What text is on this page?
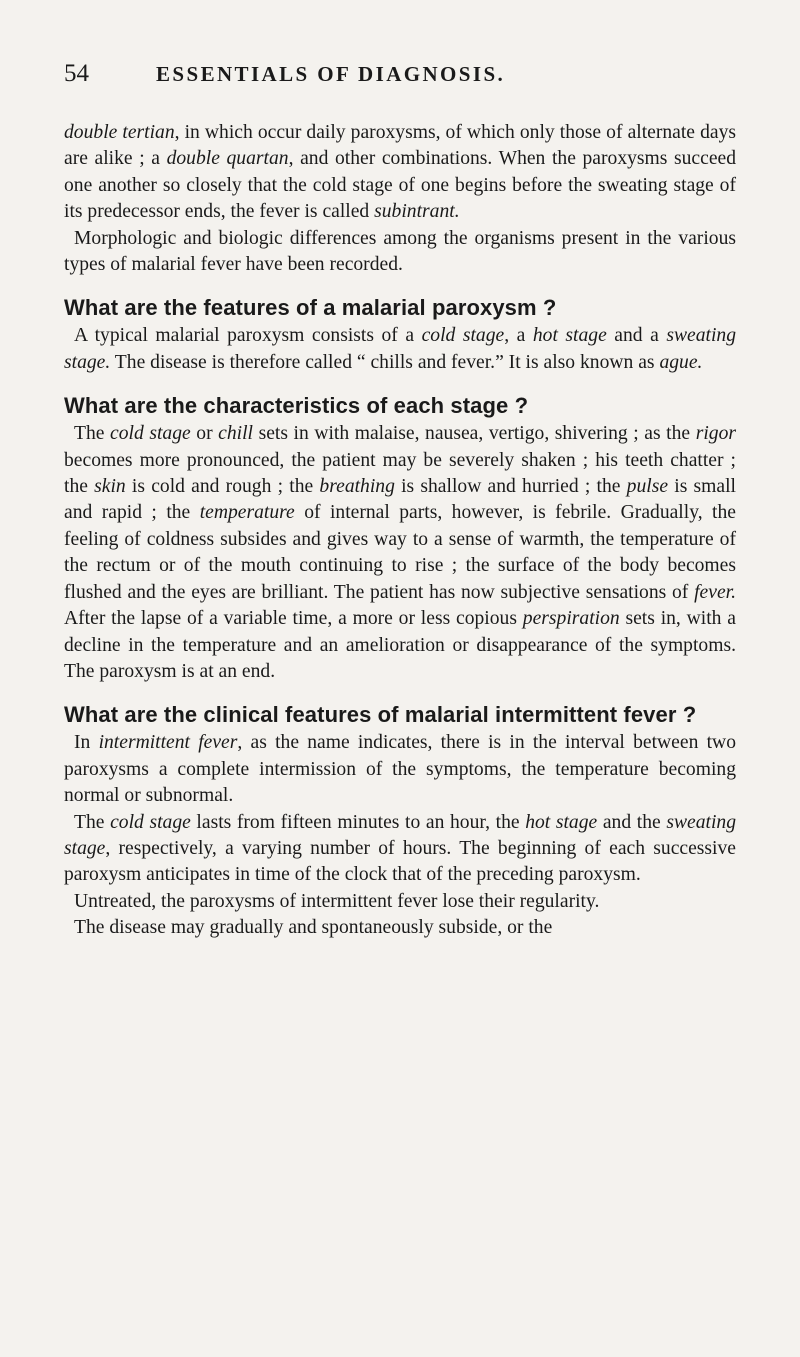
54	ESSENTIALS OF DIAGNOSIS.

double tertian, in which occur daily paroxysms, of which only those of alternate days are alike ; a double quartan, and other combinations. When the paroxysms succeed one another so closely that the cold stage of one begins before the sweating stage of its predecessor ends, the fever is called subintrant.

Morphologic and biologic differences among the organisms present in the various types of malarial fever have been recorded.

What are the features of a malarial paroxysm ?

A typical malarial paroxysm consists of a cold stage, a hot stage and a sweating stage. The disease is therefore called “ chills and fever.” It is also known as ague.

What are the characteristics of each stage ?

The cold stage or chill sets in with malaise, nausea, vertigo, shivering ; as the rigor becomes more pronounced, the patient may be severely shaken ; his teeth chatter ; the skin is cold and rough ; the breathing is shallow and hurried ; the pulse is small and rapid ; the temperature of internal parts, however, is febrile. Gradually, the feeling of coldness subsides and gives way to a sense of warmth, the temperature of the rectum or of the mouth continuing to rise ; the surface of the body becomes flushed and the eyes are brilliant. The patient has now subjective sensations of fever. After the lapse of a variable time, a more or less copious perspiration sets in, with a decline in the temperature and an amelioration or disappearance of the symptoms. The paroxysm is at an end.

What are the clinical features of malarial intermittent fever ?

In intermittent fever, as the name indicates, there is in the interval between two paroxysms a complete intermission of the symptoms, the temperature becoming normal or subnormal.

The cold stage lasts from fifteen minutes to an hour, the hot stage and the sweating stage, respectively, a varying number of hours. The beginning of each successive paroxysm anticipates in time of the clock that of the preceding paroxysm.

Untreated, the paroxysms of intermittent fever lose their regularity.

The disease may gradually and spontaneously subside, or the
